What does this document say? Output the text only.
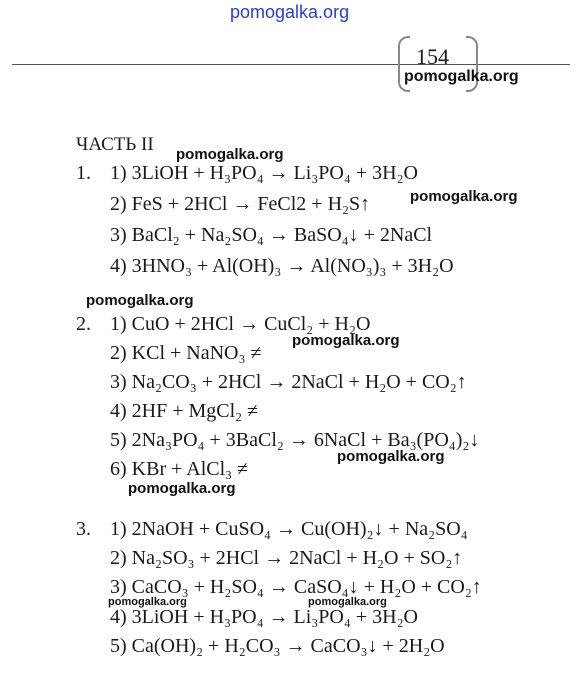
pomogalka.org
154
pomogalka.org
ЧАСТЬ II pomogalka.org
1. 1) 3LiOH + H₃PO₄ → Li₃PO₄ + 3H₂O
2) FeS + 2HCl → FeCl2 + H₂S↑	pomogalka.org
3) BaCl₂ + Na₂SO₄ → BaSO₄↓ + 2NaCl
4) 3HNO₃ + Al(OH)₃ → Al(NO₃)₃ + 3H₂O
pomogalka.org
2. 1) CuO + 2HCl → CuCl₂ + H₂O
2) KCl + NaNO₃ ≠
pomogalka.org
3) Na₂CO₃ + 2HCl → 2NaCl + H₂O + CO₂↑
4) 2HF + MgCl₂ ≠
5) 2Na₃PO₄ + 3BaCl₂ → 6NaCl + Ba₃(PO₄)₂↓
pomogalka.org
6) KBr + AlCl₃ ≠
pomogalka.org
3. 1) 2NaOH + CuSO₄ → Cu(OH)₂↓ + Na₂SO₄
2) Na₂SO₃ + 2HCl → 2NaCl + H₂O + SO₂↑
3) CaCO₃ + H₂SO₄ → CaSO₄↓ + H₂O + CO₂↑
pomogalka.org	pomogalka.org
4) 3LiOH + H₃PO₄ → Li₃PO₄ + 3H₂O
5) Ca(OH)₂ + H₂CO₃ → CaCO₃↓ + 2H₂O
